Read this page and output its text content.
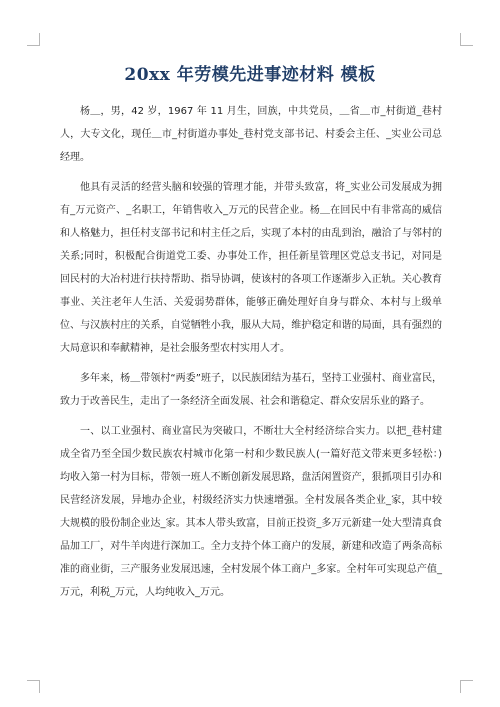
20xx 年劳模先进事迹材料 模板

杨＿，男，42 岁，1967 年 11 月生，回族，中共党员，＿省＿市_村街道_巷村人，大专文化，现任＿市_村街道办事处_巷村党支部书记、村委会主任、_实业公司总经理。

他具有灵活的经营头脑和较强的管理才能，并带头致富，将_实业公司发展成为拥有_万元资产、_名职工，年销售收入_万元的民营企业。杨＿在回民中有非常高的威信和人格魅力，担任村支部书记和村主任之后，实现了本村的由乱到治，融洽了与邻村的关系;同时，积极配合街道党工委、办事处工作，担任新星管理区党总支书记，对同是回民村的大冶村进行扶持帮助、指导协调，使该村的各项工作逐渐步入正轨。关心教育事业、关注老年人生活、关爱弱势群体，能够正确处理好自身与群众、本村与上级单位、与汉族村庄的关系，自觉牺牲小我，服从大局，维护稳定和谐的局面，具有强烈的大局意识和奉献精神，是社会服务型农村实用人才。

多年来，杨＿带领村“两委”班子，以民族团结为基石，坚持工业强村、商业富民，致力于改善民生，走出了一条经济全面发展、社会和谐稳定、群众安居乐业的路子。

一、以工业强村、商业富民为突破口，不断壮大全村经济综合实力。以把_巷村建成全省乃至全国少数民族农村城市化第一村和少数民族人(一篇好范文带来更多轻松：)均收入第一村为目标，带领一班人不断创新发展思路，盘活闲置资产，狠抓项目引办和民营经济发展，异地办企业，村级经济实力快速增强。全村发展各类企业_家，其中较大规模的股份制企业达_家。其本人带头致富，目前正投资_多万元新建一处大型清真食品加工厂，对牛羊肉进行深加工。全力支持个体工商户的发展，新建和改造了两条高标准的商业街，三产服务业发展迅速，全村发展个体工商户_多家。全村年可实现总产值_万元，利税_万元，人均纯收入_万元。
